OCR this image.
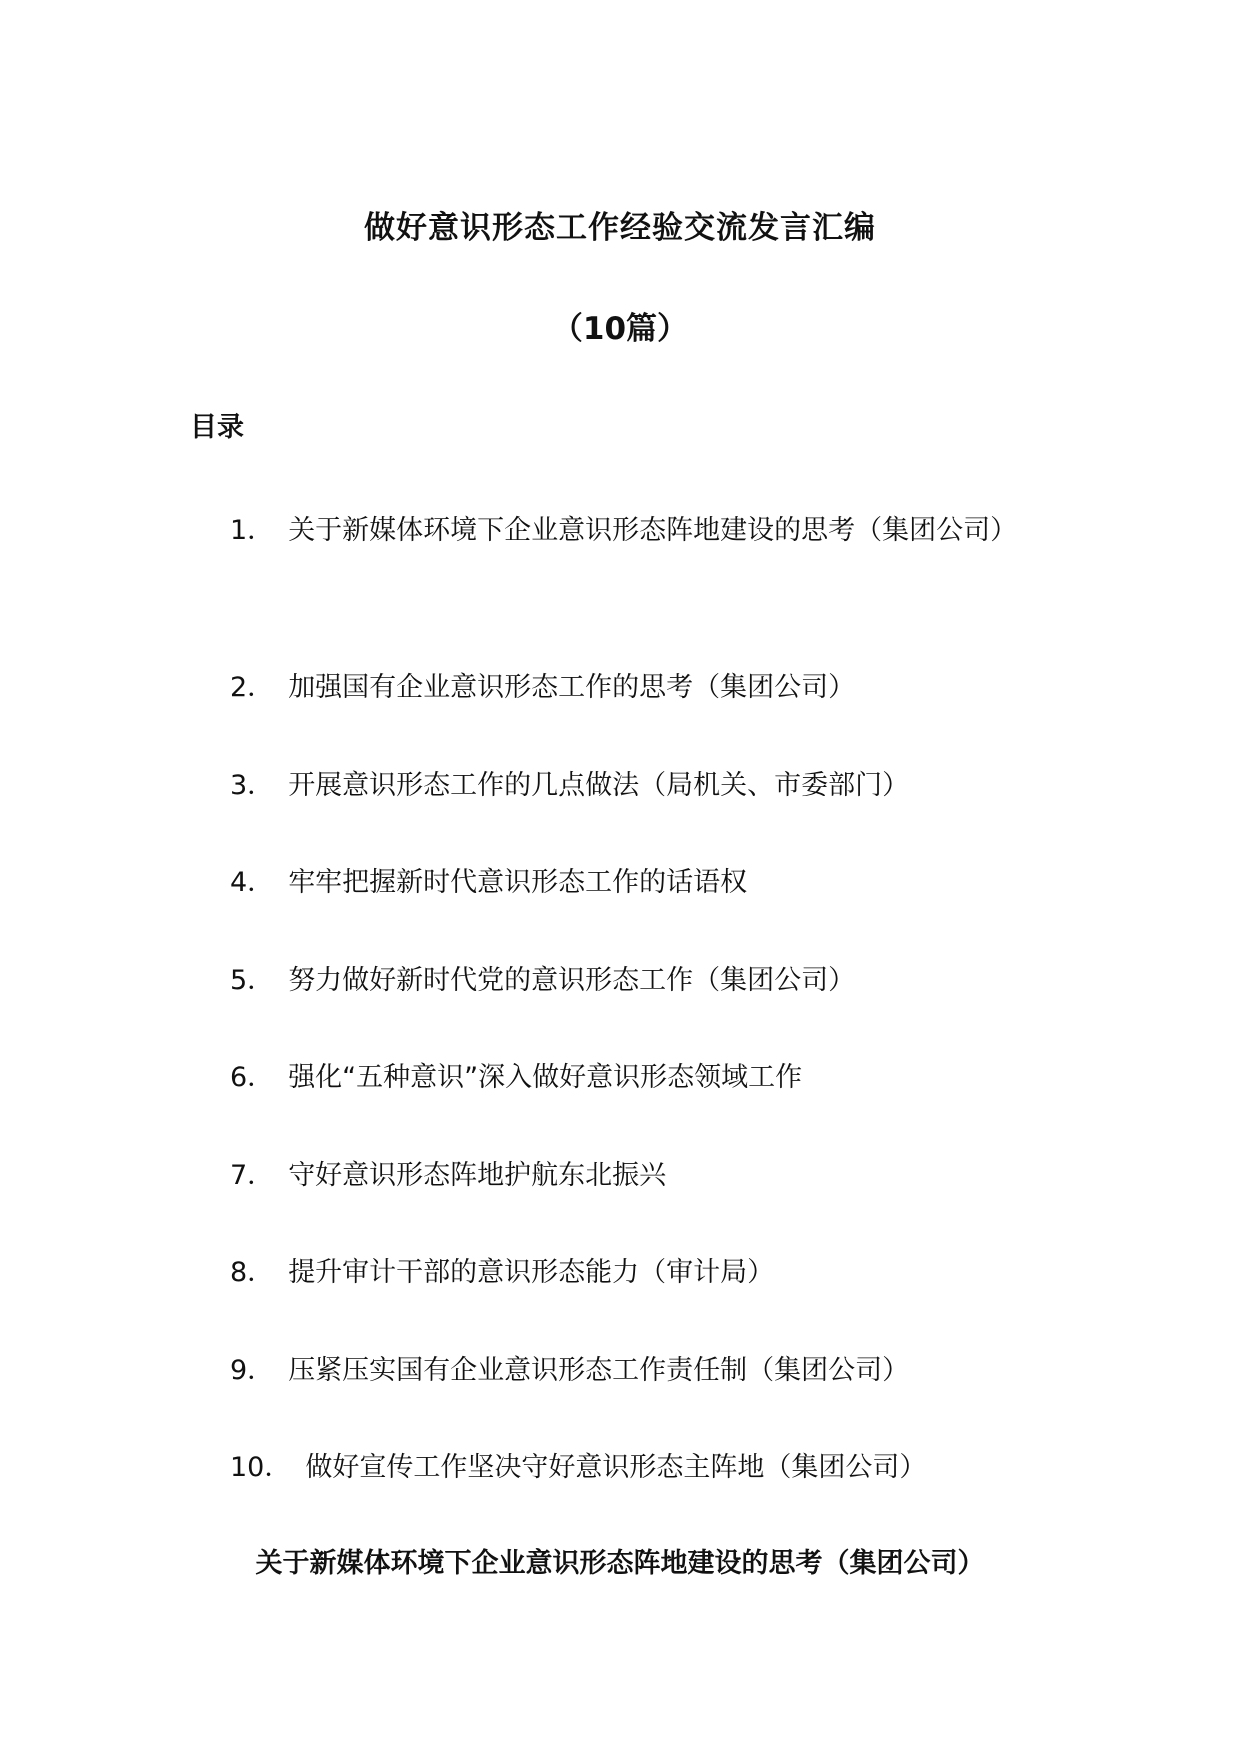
做好意识形态工作经验交流发言汇编
（10篇）
目录
1． 关于新媒体环境下企业意识形态阵地建设的思考（集团公司）
2． 加强国有企业意识形态工作的思考（集团公司）
3． 开展意识形态工作的几点做法（局机关、市委部门）
4． 牢牢把握新时代意识形态工作的话语权
5． 努力做好新时代党的意识形态工作（集团公司）
6． 强化“五种意识”深入做好意识形态领域工作
7． 守好意识形态阵地护航东北振兴
8． 提升审计干部的意识形态能力（审计局）
9． 压紧压实国有企业意识形态工作责任制（集团公司）
10． 做好宣传工作坚决守好意识形态主阵地（集团公司）
关于新媒体环境下企业意识形态阵地建设的思考（集团公司）
